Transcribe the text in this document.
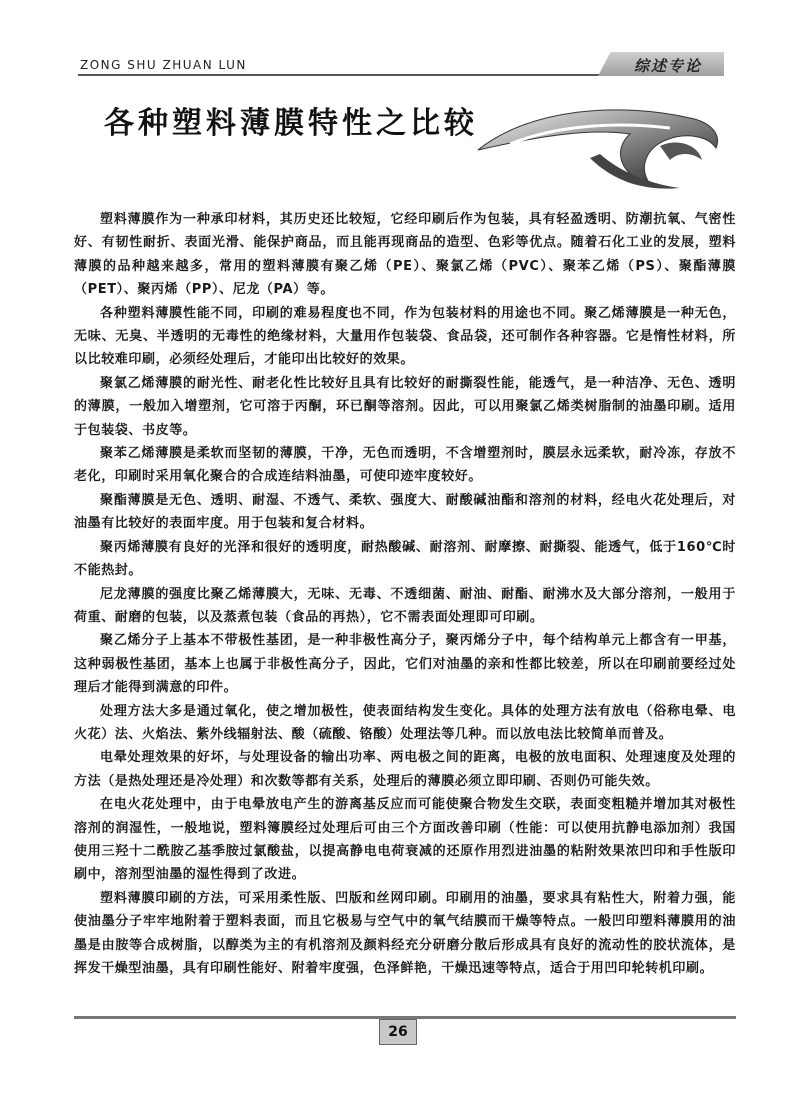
ZONG SHU ZHUAN LUN	综述专论
各种塑料薄膜特性之比较

塑料薄膜作为一种承印材料，其历史还比较短，它经印刷后作为包装，具有轻盈透明、防潮抗氧、气密性好、有韧性耐折、表面光滑、能保护商品，而且能再现商品的造型、色彩等优点。随着石化工业的发展，塑料薄膜的品种越来越多，常用的塑料薄膜有聚乙烯（PE）、聚氯乙烯（PVC）、聚苯乙烯（PS）、聚酯薄膜（PET）、聚丙烯（PP）、尼龙（PA）等。

各种塑料薄膜性能不同，印刷的难易程度也不同，作为包装材料的用途也不同。聚乙烯薄膜是一种无色，无味、无臭、半透明的无毒性的绝缘材料，大量用作包装袋、食品袋，还可制作各种容器。它是惰性材料，所以比较难印刷，必须经处理后，才能印出比较好的效果。

聚氯乙烯薄膜的耐光性、耐老化性比较好且具有比较好的耐撕裂性能，能透气，是一种洁净、无色、透明的薄膜，一般加入增塑剂，它可溶于丙酮，环已酮等溶剂。因此，可以用聚氯乙烯类树脂制的油墨印刷。适用于包装袋、书皮等。

聚苯乙烯薄膜是柔软而坚韧的薄膜，干净，无色而透明，不含增塑剂时，膜层永远柔软，耐冷冻，存放不老化，印刷时采用氧化聚合的合成连结料油墨，可使印迹牢度较好。

聚酯薄膜是无色、透明、耐湿、不透气、柔软、强度大、耐酸碱油酯和溶剂的材料，经电火花处理后，对油墨有比较好的表面牢度。用于包装和复合材料。

聚丙烯薄膜有良好的光泽和很好的透明度，耐热酸碱、耐溶剂、耐摩擦、耐撕裂、能透气，低于160℃时不能热封。

尼龙薄膜的强度比聚乙烯薄膜大，无味、无毒、不透细菌、耐油、耐酯、耐沸水及大部分溶剂，一般用于荷重、耐磨的包装，以及蒸煮包装（食品的再热），它不需表面处理即可印刷。

聚乙烯分子上基本不带极性基团，是一种非极性高分子，聚丙烯分子中，每个结构单元上都含有一甲基，这种弱极性基团，基本上也属于非极性高分子，因此，它们对油墨的亲和性都比较差，所以在印刷前要经过处理后才能得到满意的印件。

处理方法大多是通过氧化，使之增加极性，使表面结构发生变化。具体的处理方法有放电（俗称电晕、电火花）法、火焰法、紫外线辐射法、酸（硫酸、铬酸）处理法等几种。而以放电法比较简单而普及。

电晕处理效果的好坏，与处理设备的输出功率、两电极之间的距离，电极的放电面积、处理速度及处理的方法（是热处理还是冷处理）和次数等都有关系，处理后的薄膜必须立即印刷、否则仍可能失效。

在电火花处理中，由于电晕放电产生的游离基反应而可能使聚合物发生交联，表面变粗糙并增加其对极性溶剂的润湿性，一般地说，塑料簿膜经过处理后可由三个方面改善印刷（性能：可以使用抗静电添加剂）我国使用三羟十二酰胺乙基季胺过氯酸盐，以提高静电电荷衰减的还原作用烈进油墨的粘附效果浓凹印和手性版印刷中，溶剂型油墨的湿性得到了改进。

塑料薄膜印刷的方法，可采用柔性版、凹版和丝网印刷。印刷用的油墨，要求具有粘性大，附着力强，能使油墨分子牢牢地附着于塑料表面，而且它极易与空气中的氧气结膜而干燥等特点。一般凹印塑料薄膜用的油墨是由胺等合成树脂，以醇类为主的有机溶剂及颜料经充分研磨分散后形成具有良好的流动性的胶状流体，是挥发干燥型油墨，具有印刷性能好、附着牢度强，色泽鲜艳，干燥迅速等特点，适合于用凹印轮转机印刷。

26
